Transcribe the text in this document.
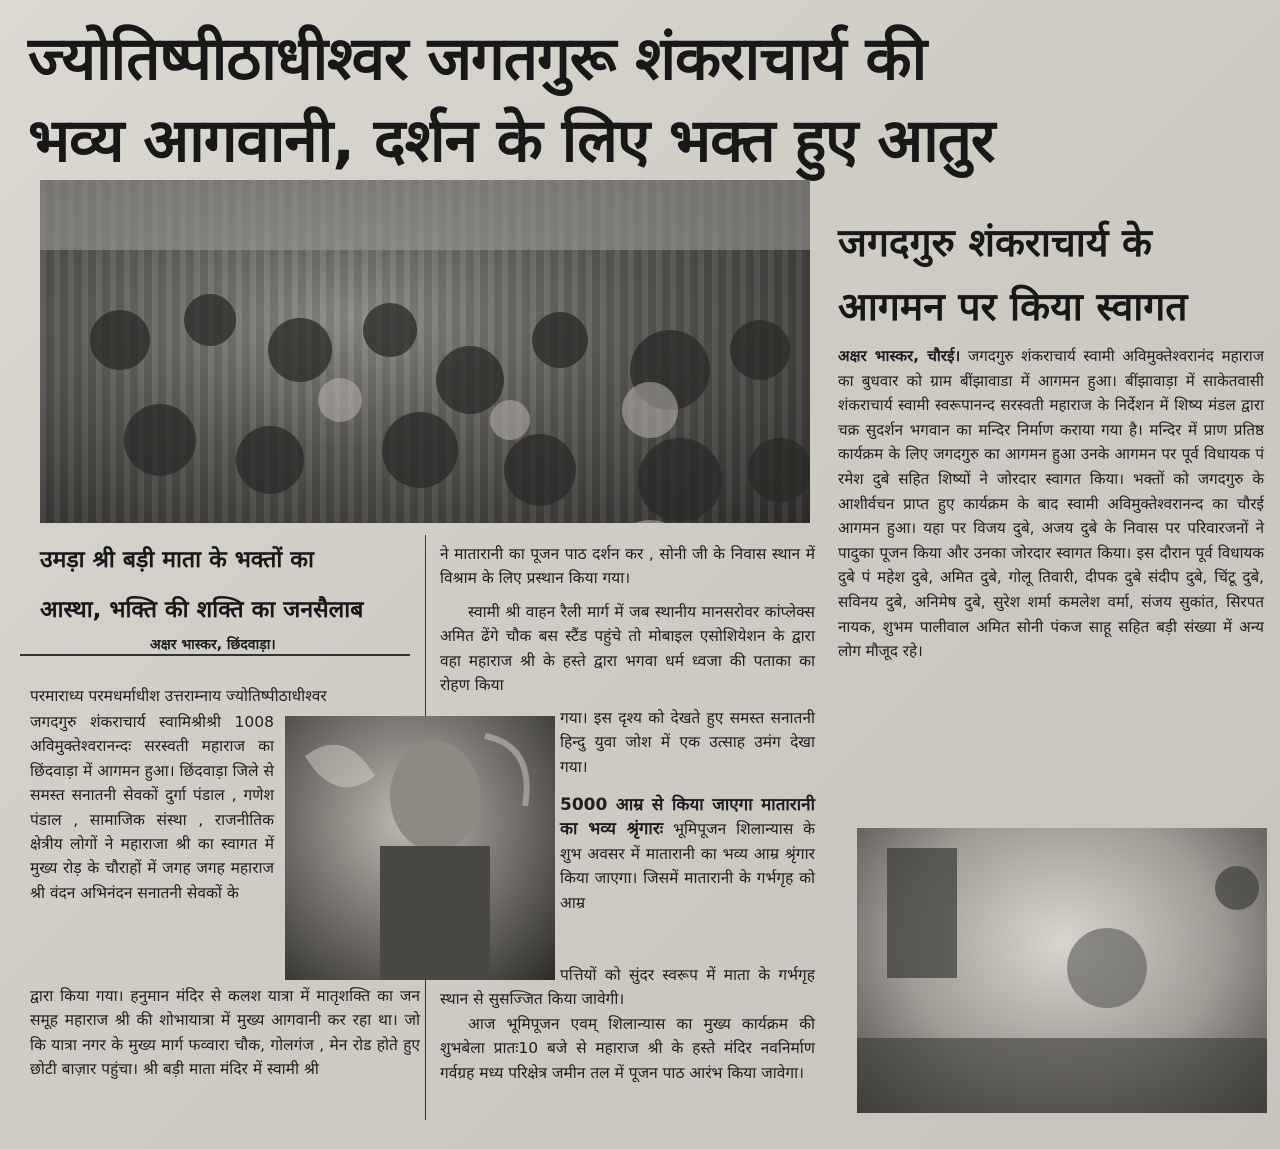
ज्योतिष्पीठाधीश्वर जगतगुरू शंकराचार्य की
भव्य आगवानी, दर्शन के लिए भक्त हुए आतुर
जगदगुरु शंकराचार्य के
आगमन पर किया स्वागत
अक्षर भास्कर, चौरई। जगदगुरु शंकराचार्य स्वामी अविमुक्तेश्वरानंद महाराज का बुधवार को ग्राम बींझावाडा में आगमन हुआ। बींझावाड़ा में साकेतवासी शंकराचार्य स्वामी स्वरूपानन्द सरस्वती महाराज के निर्देशन में शिष्य मंडल द्वारा चक्र सुदर्शन भगवान का मन्दिर निर्माण कराया गया है। मन्दिर में प्राण प्रतिष्ठ कार्यक्रम के लिए जगदगुरु का आगमन हुआ उनके आगमन पर पूर्व विधायक पं रमेश दुबे सहित शिष्यों ने जोरदार स्वागत किया। भक्तों को जगदगुरु के आशीर्वचन प्राप्त हुए कार्यक्रम के बाद स्वामी अविमुक्तेश्वरानन्द का चौरई आगमन हुआ। यहा पर विजय दुबे, अजय दुबे के निवास पर परिवारजनों ने पादुका पूजन किया और उनका जोरदार स्वागत किया। इस दौरान पूर्व विधायक दुबे पं महेश दुबे, अमित दुबे, गोलू तिवारी, दीपक दुबे संदीप दुबे, चिंटू दुबे, सविनय दुबे, अनिमेष दुबे, सुरेश शर्मा कमलेश वर्मा, संजय सुकांत, सिरपत नायक, शुभम पालीवाल अमित सोनी पंकज साहू सहित बड़ी संख्या में अन्य लोग मौजूद रहे।
उमड़ा श्री बड़ी माता के भक्तों का
आस्था, भक्ति की शक्ति का जनसैलाब
अक्षर भास्कर, छिंदवाड़ा।
परमाराध्य परमधर्माधीश उत्तराम्नाय ज्योतिष्पीठाधीश्वर
जगदगुरु शंकराचार्य स्वामिश्रीश्री 1008 अविमुक्तेश्वरानन्दः सरस्वती महाराज का छिंदवाड़ा में आगमन हुआ। छिंदवाड़ा जिले से समस्त सनातनी सेवकों दुर्गा पंडाल , गणेश पंडाल , सामाजिक संस्था , राजनीतिक क्षेत्रीय लोगों ने महाराजा श्री का स्वागत में मुख्य रोड़ के चौराहों में जगह जगह महाराज श्री वंदन अभिनंदन सनातनी सेवकों के
द्वारा किया गया। हनुमान मंदिर से कलश यात्रा में मातृशक्ति का जन समूह महाराज श्री की शोभायात्रा में मुख्य आगवानी कर रहा था। जो कि यात्रा नगर के मुख्य मार्ग फव्वारा चौक, गोलगंज , मेन रोड होते हुए छोटी बाज़ार पहुंचा। श्री बड़ी माता मंदिर में स्वामी श्री
ने मातारानी का पूजन पाठ दर्शन कर , सोनी जी के निवास स्थान में विश्राम के लिए प्रस्थान किया गया।
स्वामी श्री वाहन रैली मार्ग में जब स्थानीय मानसरोवर कांप्लेक्स अमित ढेंगे चौक बस स्टैंड पहुंचे तो मोबाइल एसोशियेशन के द्वारा वहा महाराज श्री के हस्ते द्वारा भगवा धर्म ध्वजा की पताका का रोहण किया
गया। इस दृश्य को देखते हुए समस्त सनातनी हिन्दु युवा जोश में एक उत्साह उमंग देखा गया।
5000 आम्र से किया जाएगा मातारानी का भव्य श्रृंगारः भूमिपूजन शिलान्यास के शुभ अवसर में मातारानी का भव्य आम्र श्रृंगार किया जाएगा। जिसमें मातारानी के गर्भगृह को आम्र
पत्तियों को सुंदर स्वरूप में माता के गर्भगृह स्थान से सुसज्जित किया जावेगी।
आज भूमिपूजन एवम् शिलान्यास का मुख्य कार्यक्रम की शुभबेला प्रातः10 बजे से महाराज श्री के हस्ते मंदिर नवनिर्माण गर्वग्रह मध्य परिक्षेत्र जमीन तल में पूजन पाठ आरंभ किया जावेगा।
